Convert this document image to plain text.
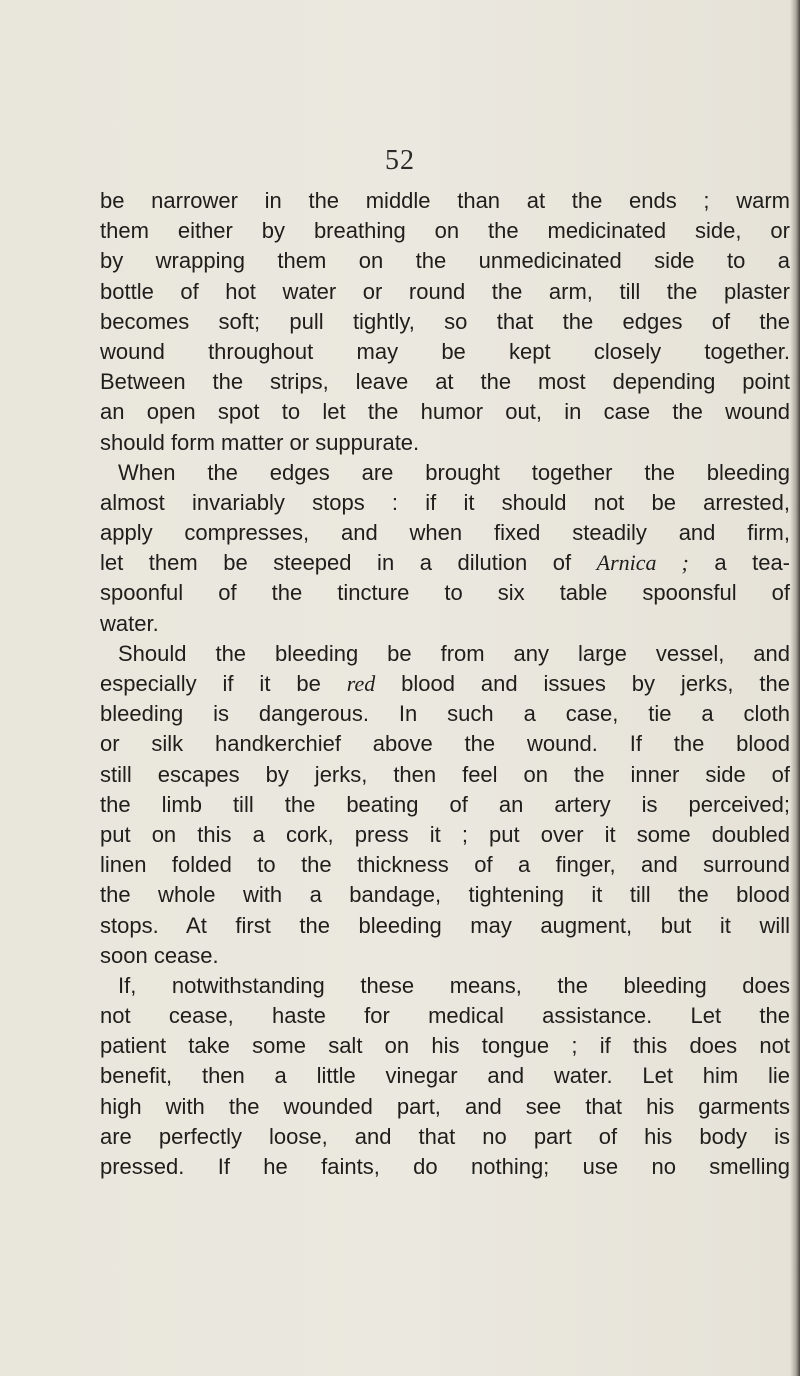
52
be narrower in the middle than at the ends ; warm
them either by breathing on the medicinated side, or
by wrapping them on the unmedicinated side to a
bottle of hot water or round the arm, till the plaster
becomes soft; pull tightly, so that the edges of the
wound throughout may be kept closely together.
Between the strips, leave at the most depending point
an open spot to let the humor out, in case the wound
should form matter or suppurate.
When the edges are brought together the bleeding
almost invariably stops : if it should not be arrested,
apply compresses, and when fixed steadily and firm,
let them be steeped in a dilution of Arnica ; a tea-
spoonful of the tincture to six table spoonsful of
water.
Should the bleeding be from any large vessel, and
especially if it be red blood and issues by jerks, the
bleeding is dangerous. In such a case, tie a cloth
or silk handkerchief above the wound. If the blood
still escapes by jerks, then feel on the inner side of
the limb till the beating of an artery is perceived;
put on this a cork, press it ; put over it some doubled
linen folded to the thickness of a finger, and surround
the whole with a bandage, tightening it till the blood
stops. At first the bleeding may augment, but it will
soon cease.
If, notwithstanding these means, the bleeding does
not cease, haste for medical assistance. Let the
patient take some salt on his tongue ; if this does not
benefit, then a little vinegar and water. Let him lie
high with the wounded part, and see that his garments
are perfectly loose, and that no part of his body is
pressed. If he faints, do nothing; use no smelling
